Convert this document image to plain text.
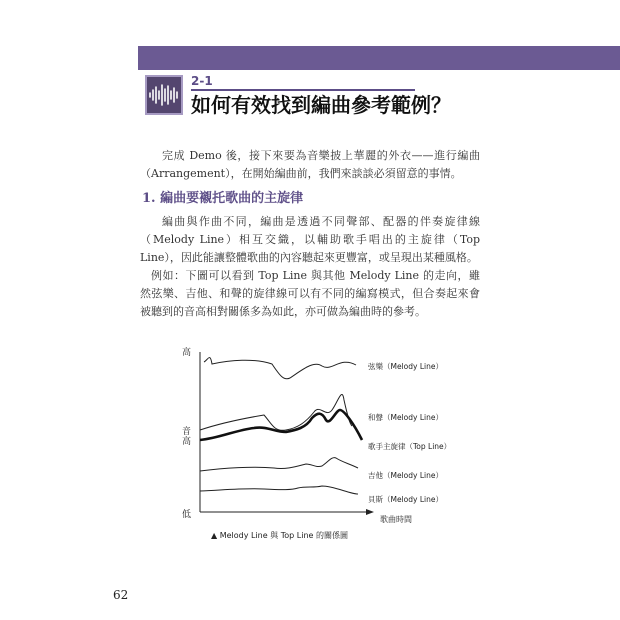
2-1
如何有效找到編曲參考範例？

完成 Demo 後，接下來要為音樂披上華麗的外衣——進行編曲（Arrangement），在開始編曲前，我們來談談必須留意的事情。

1. 編曲要襯托歌曲的主旋律

編曲與作曲不同，編曲是透過不同聲部、配器的伴奏旋律線（Melody Line）相互交織，以輔助歌手唱出的主旋律（Top Line），因此能讓整體歌曲的內容聽起來更豐富，或呈現出某種風格。

例如：下圖可以看到 Top Line 與其他 Melody Line 的走向，雖然弦樂、吉他、和聲的旋律線可以有不同的編寫模式，但合奏起來會被聽到的音高相對關係多為如此，亦可做為編曲時的參考。

高
音
高
低	歌曲時間
弦樂（Melody Line）
和聲（Melody Line）
歌手主旋律（Top Line）
吉他（Melody Line）
貝斯（Melody Line）
▲ Melody Line 與 Top Line 的關係圖
62
